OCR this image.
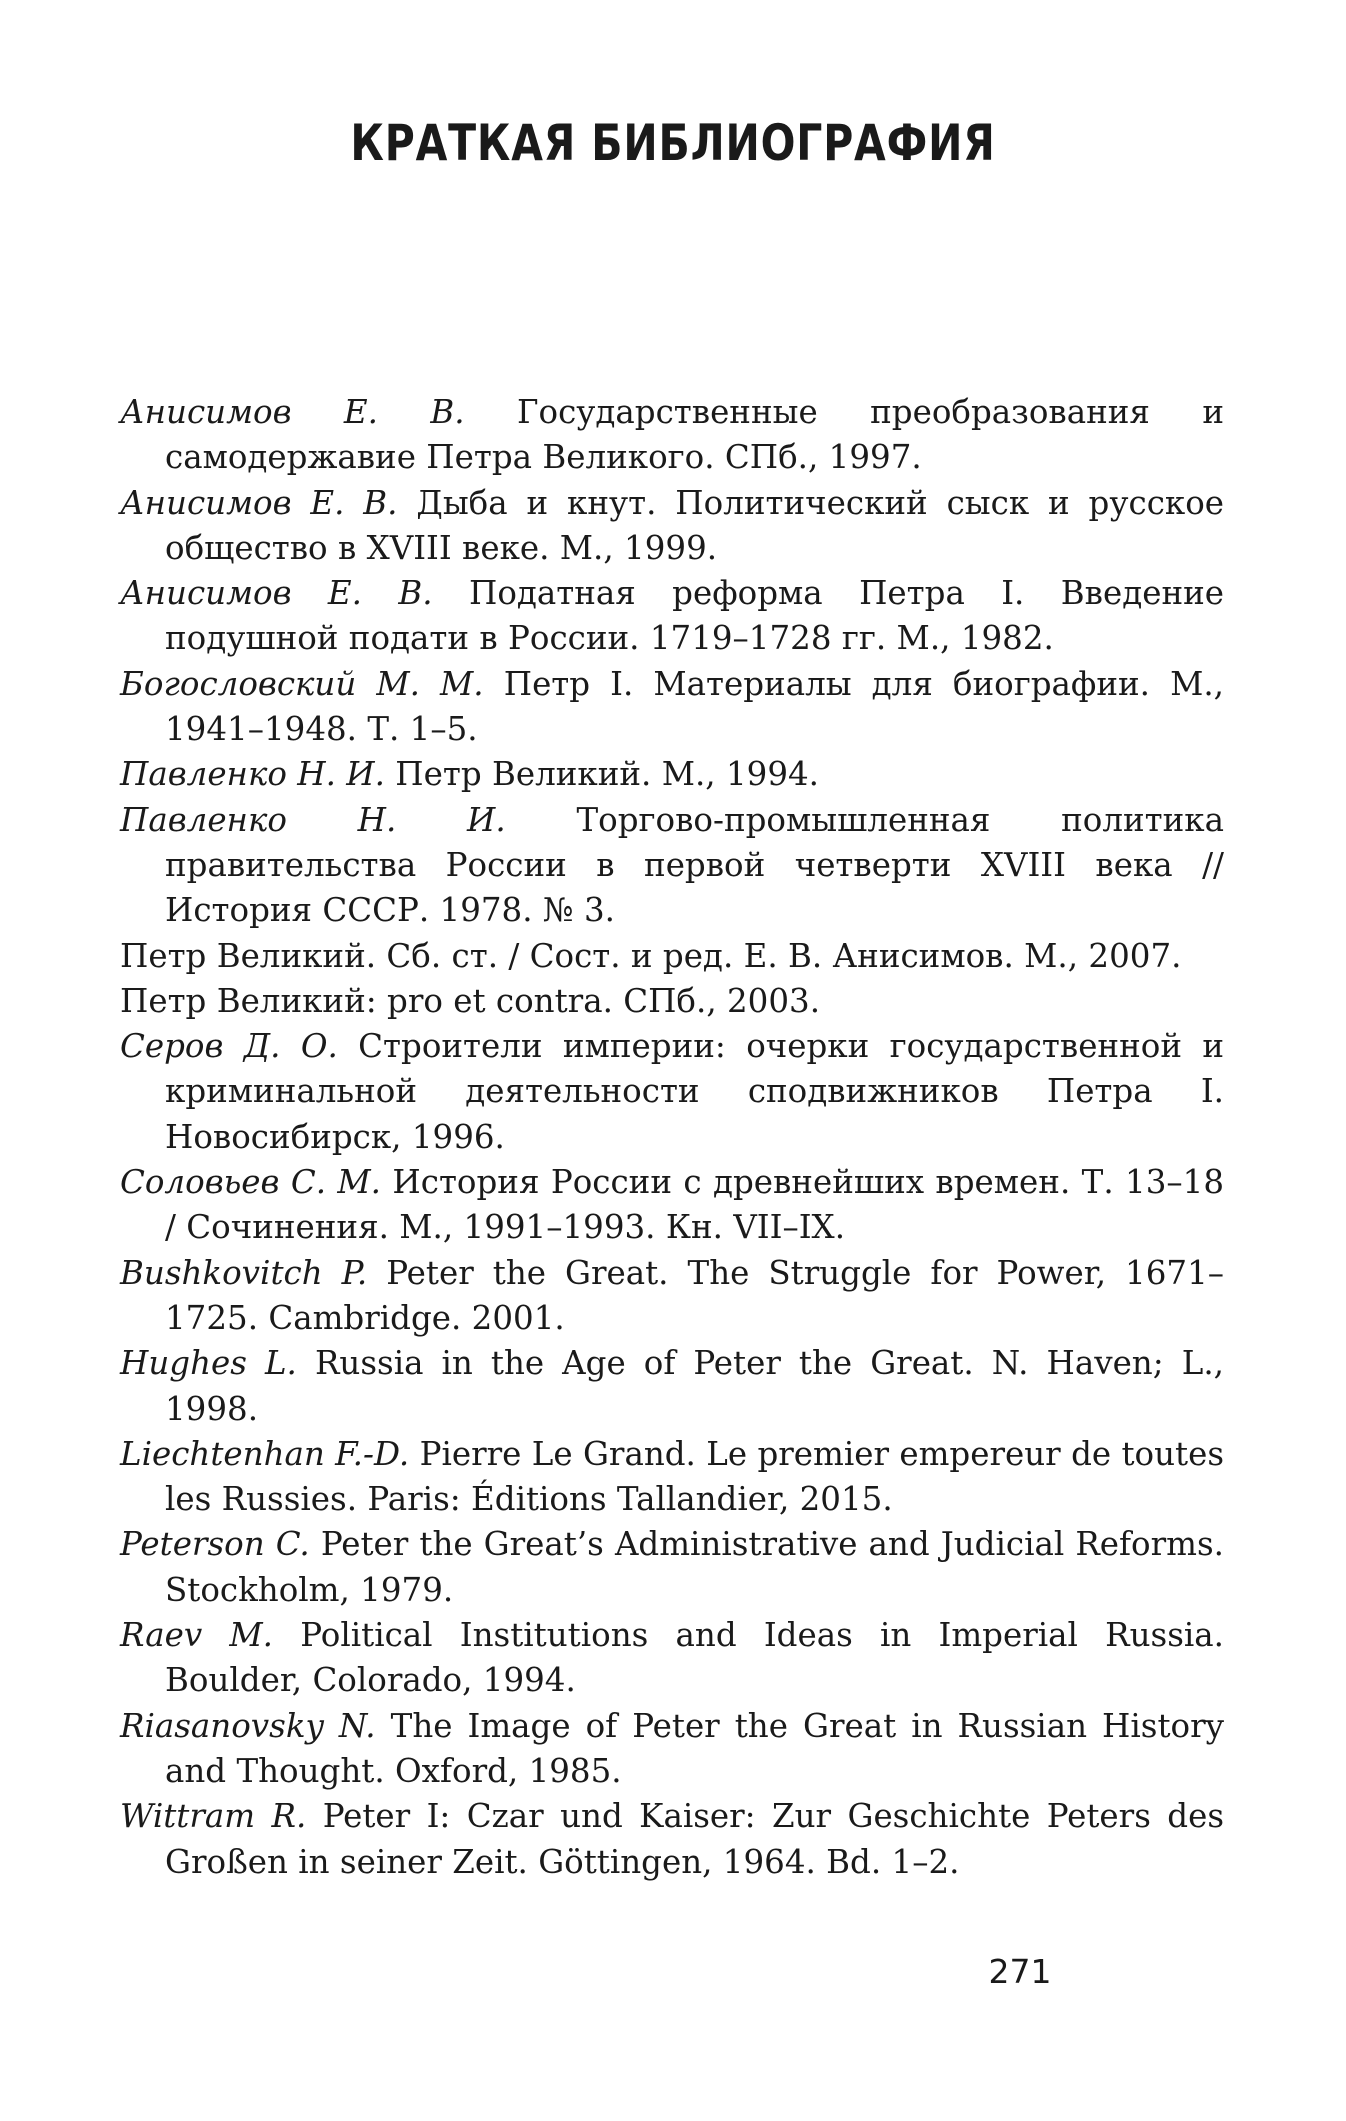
КРАТКАЯ БИБЛИОГРАФИЯ
Анисимов Е. В. Государственные преобразования и самодержавие Петра Великого. СПб., 1997.
Анисимов Е. В. Дыба и кнут. Политический сыск и русское общество в XVIII веке. М., 1999.
Анисимов Е. В. Податная реформа Петра I. Введение подушной подати в России. 1719–1728 гг. М., 1982.
Богословский М. М. Петр I. Материалы для биографии. М., 1941–1948. Т. 1–5.
Павленко Н. И. Петр Великий. М., 1994.
Павленко Н. И. Торгово-промышленная политика правительства России в первой четверти XVIII века // История СССР. 1978. № 3.
Петр Великий. Сб. ст. / Сост. и ред. Е. В. Анисимов. М., 2007.
Петр Великий: pro et contra. СПб., 2003.
Серов Д. О. Строители империи: очерки государственной и криминальной деятельности сподвижников Петра I. Новосибирск, 1996.
Соловьев С. М. История России с древнейших времен. Т. 13–18 / Сочинения. М., 1991–1993. Кн. VII–IX.
Bushkovitch P. Peter the Great. The Struggle for Power, 1671–1725. Cambridge. 2001.
Hughes L. Russia in the Age of Peter the Great. N. Haven; L., 1998.
Liechtenhan F.-D. Pierre Le Grand. Le premier empereur de toutes les Russies. Paris: Éditions Tallandier, 2015.
Peterson C. Peter the Great’s Administrative and Judicial Reforms. Stockholm, 1979.
Raev M. Political Institutions and Ideas in Imperial Russia. Boulder, Colorado, 1994.
Riasanovsky N. The Image of Peter the Great in Russian History and Thought. Oxford, 1985.
Wittram R. Peter I: Czar und Kaiser: Zur Geschichte Peters des Großen in seiner Zeit. Göttingen, 1964. Bd. 1–2.
271
